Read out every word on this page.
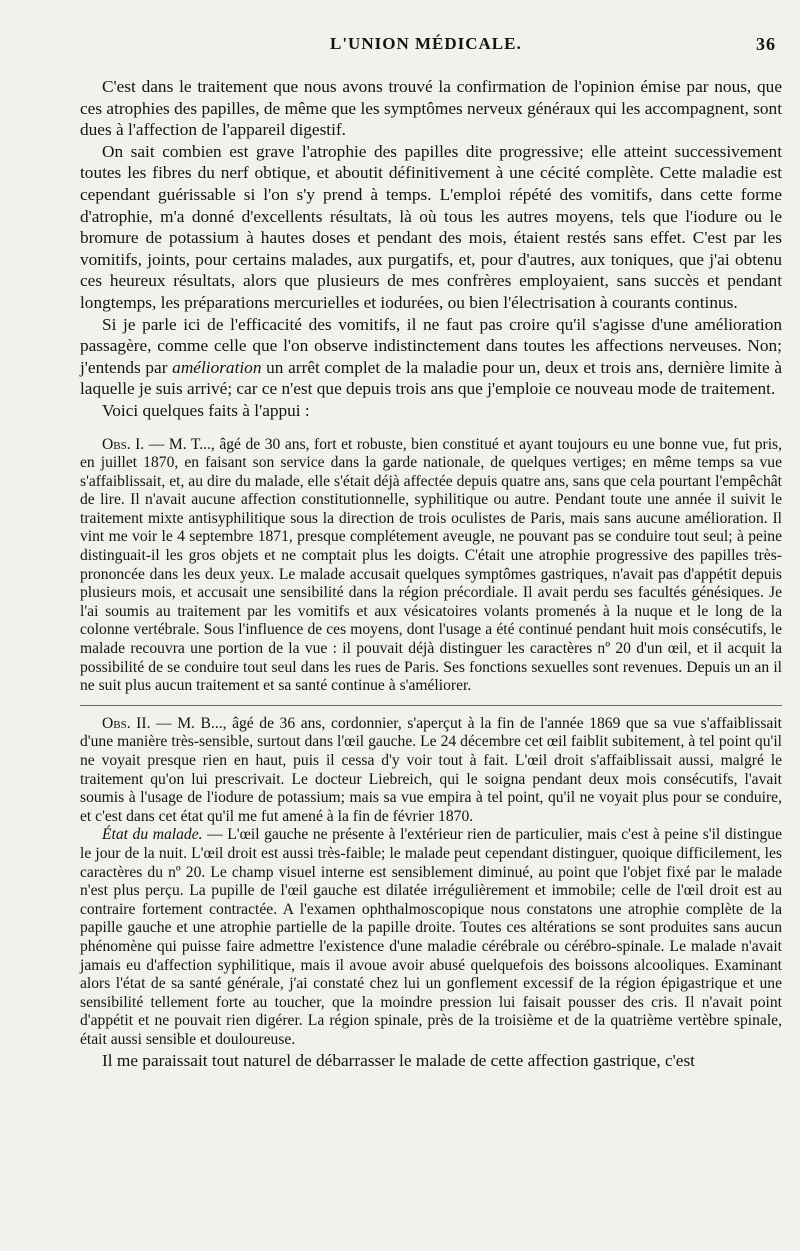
L'UNION MÉDICALE.	36

C'est dans le traitement que nous avons trouvé la confirmation de l'opinion émise par nous, que ces atrophies des papilles, de même que les symptômes nerveux généraux qui les accompagnent, sont dues à l'affection de l'appareil digestif.

On sait combien est grave l'atrophie des papilles dite progressive; elle atteint successivement toutes les fibres du nerf obtique, et aboutit définitivement à une cécité complète. Cette maladie est cependant guérissable si l'on s'y prend à temps. L'emploi répété des vomitifs, dans cette forme d'atrophie, m'a donné d'excellents résultats, là où tous les autres moyens, tels que l'iodure ou le bromure de potassium à hautes doses et pendant des mois, étaient restés sans effet. C'est par les vomitifs, joints, pour certains malades, aux purgatifs, et, pour d'autres, aux toniques, que j'ai obtenu ces heureux résultats, alors que plusieurs de mes confrères employaient, sans succès et pendant longtemps, les préparations mercurielles et iodurées, ou bien l'électrisation à courants continus.

Si je parle ici de l'efficacité des vomitifs, il ne faut pas croire qu'il s'agisse d'une amélioration passagère, comme celle que l'on observe indistinctement dans toutes les affections nerveuses. Non; j'entends par amélioration un arrêt complet de la maladie pour un, deux et trois ans, dernière limite à laquelle je suis arrivé; car ce n'est que depuis trois ans que j'emploie ce nouveau mode de traitement.

Voici quelques faits à l'appui :

Obs. I. — M. T..., âgé de 30 ans, fort et robuste, bien constitué et ayant toujours eu une bonne vue, fut pris, en juillet 1870, en faisant son service dans la garde nationale, de quelques vertiges; en même temps sa vue s'affaiblissait, et, au dire du malade, elle s'était déjà affectée depuis quatre ans, sans que cela pourtant l'empêchât de lire. Il n'avait aucune affection constitutionnelle, syphilitique ou autre. Pendant toute une année il suivit le traitement mixte antisyphilitique sous la direction de trois oculistes de Paris, mais sans aucune amélioration. Il vint me voir le 4 septembre 1871, presque complétement aveugle, ne pouvant pas se conduire tout seul; à peine distinguait-il les gros objets et ne comptait plus les doigts. C'était une atrophie progressive des papilles très-prononcée dans les deux yeux. Le malade accusait quelques symptômes gastriques, n'avait pas d'appétit depuis plusieurs mois, et accusait une sensibilité dans la région précordiale. Il avait perdu ses facultés génésiques. Je l'ai soumis au traitement par les vomitifs et aux vésicatoires volants promenés à la nuque et le long de la colonne vertébrale. Sous l'influence de ces moyens, dont l'usage a été continué pendant huit mois consécutifs, le malade recouvra une portion de la vue : il pouvait déjà distinguer les caractères nº 20 d'un œil, et il acquit la possibilité de se conduire tout seul dans les rues de Paris. Ses fonctions sexuelles sont revenues. Depuis un an il ne suit plus aucun traitement et sa santé continue à s'améliorer.

Obs. II. — M. B..., âgé de 36 ans, cordonnier, s'aperçut à la fin de l'année 1869 que sa vue s'affaiblissait d'une manière très-sensible, surtout dans l'œil gauche. Le 24 décembre cet œil faiblit subitement, à tel point qu'il ne voyait presque rien en haut, puis il cessa d'y voir tout à fait. L'œil droit s'affaiblissait aussi, malgré le traitement qu'on lui prescrivait. Le docteur Liebreich, qui le soigna pendant deux mois consécutifs, l'avait soumis à l'usage de l'iodure de potassium; mais sa vue empira à tel point, qu'il ne voyait plus pour se conduire, et c'est dans cet état qu'il me fut amené à la fin de février 1870.

État du malade. — L'œil gauche ne présente à l'extérieur rien de particulier, mais c'est à peine s'il distingue le jour de la nuit. L'œil droit est aussi très-faible; le malade peut cependant distinguer, quoique difficilement, les caractères du nº 20. Le champ visuel interne est sensiblement diminué, au point que l'objet fixé par le malade n'est plus perçu. La pupille de l'œil gauche est dilatée irrégulièrement et immobile; celle de l'œil droit est au contraire fortement contractée. A l'examen ophthalmoscopique nous constatons une atrophie complète de la papille gauche et une atrophie partielle de la papille droite. Toutes ces altérations se sont produites sans aucun phénomène qui puisse faire admettre l'existence d'une maladie cérébrale ou cérébro-spinale. Le malade n'avait jamais eu d'affection syphilitique, mais il avoue avoir abusé quelquefois des boissons alcooliques. Examinant alors l'état de sa santé générale, j'ai constaté chez lui un gonflement excessif de la région épigastrique et une sensibilité tellement forte au toucher, que la moindre pression lui faisait pousser des cris. Il n'avait point d'appétit et ne pouvait rien digérer. La région spinale, près de la troisième et de la quatrième vertèbre spinale, était aussi sensible et douloureuse.

Il me paraissait tout naturel de débarrasser le malade de cette affection gastrique, c'est
